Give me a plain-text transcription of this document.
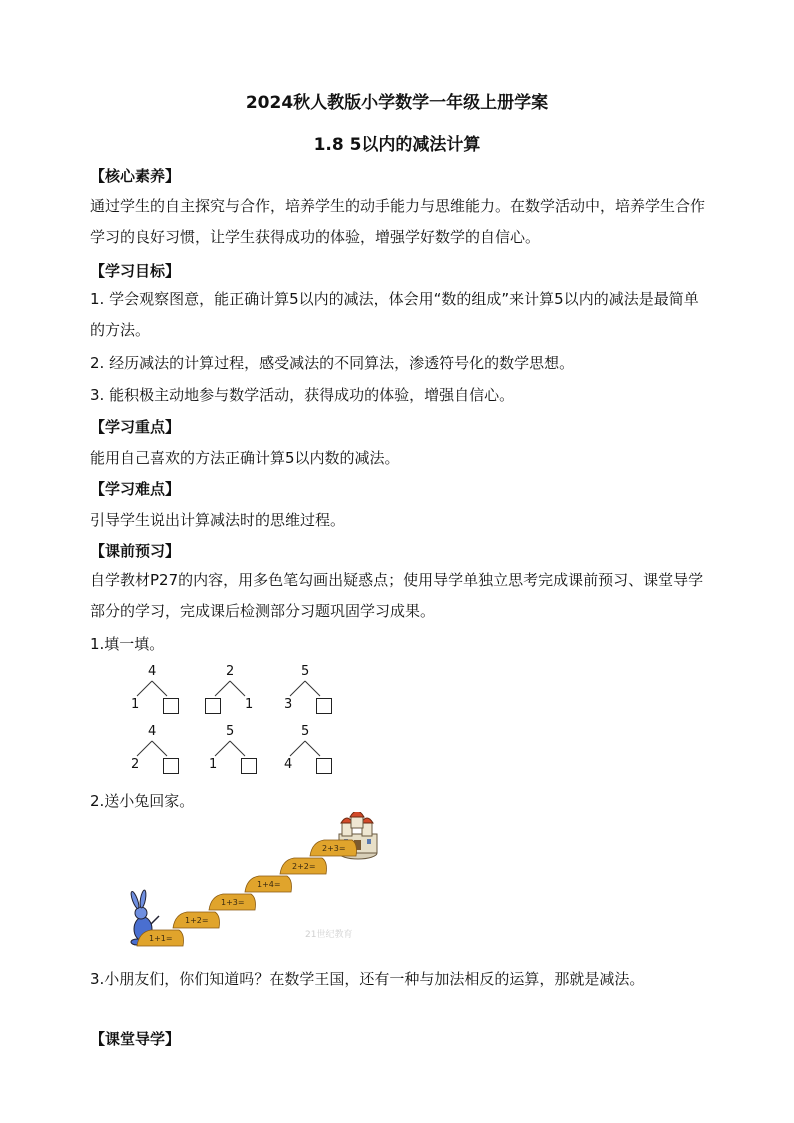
2024秋人教版小学数学一年级上册学案
1.8 5以内的减法计算
【核心素养】
通过学生的自主探究与合作，培养学生的动手能力与思维能力。在数学活动中，培养学生合作学习的良好习惯，让学生获得成功的体验，增强学好数学的自信心。
【学习目标】
1. 学会观察图意，能正确计算5以内的减法，体会用“数的组成”来计算5以内的减法是最简单的方法。
2. 经历减法的计算过程，感受减法的不同算法，渗透符号化的数学思想。
3. 能积极主动地参与数学活动，获得成功的体验，增强自信心。
【学习重点】
能用自己喜欢的方法正确计算5以内数的减法。
【学习难点】
引导学生说出计算减法时的思维过程。
【课前预习】
自学教材P27的内容，用多色笔勾画出疑惑点；使用导学单独立思考完成课前预习、课堂导学部分的学习，完成课后检测部分习题巩固学习成果。
1.填一填。
4
1
2
1
5
3
4
2
5
1
5
4
2.送小兔回家。
21世纪教育
1+1=
1+2=
1+3=
1+4=
2+2=
2+3=
3.小朋友们，你们知道吗？在数学王国，还有一种与加法相反的运算，那就是减法。
【课堂导学】
